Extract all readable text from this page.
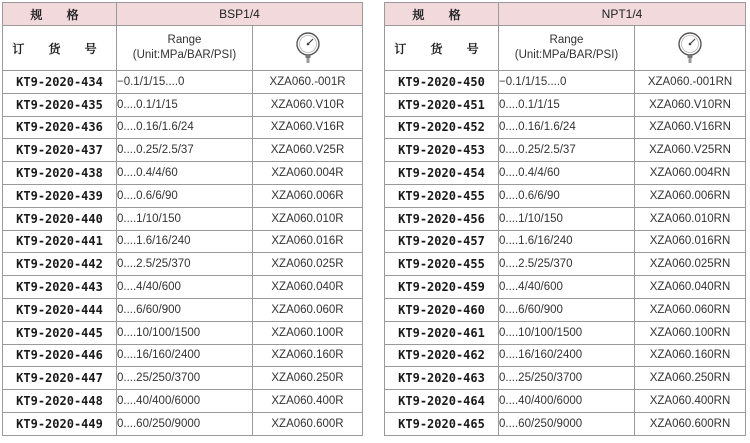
规 格	BSP1/4	
订 货 号	Range
(Unit:MPa/BAR/PSI)

KT9-2020-434	−0.1/1/15....0	XZA060.-001R
KT9-2020-435	0....0.1/1/15	XZA060.V10R
KT9-2020-436	0....0.16/1.6/24	XZA060.V16R
KT9-2020-437	0....0.25/2.5/37	XZA060.V25R
KT9-2020-438	0....0.4/4/60	XZA060.004R
KT9-2020-439	0....0.6/6/90	XZA060.006R
KT9-2020-440	0....1/10/150	XZA060.010R
KT9-2020-441	0....1.6/16/240	XZA060.016R
KT9-2020-442	0....2.5/25/370	XZA060.025R
KT9-2020-443	0....4/40/600	XZA060.040R
KT9-2020-444	0....6/60/900	XZA060.060R
KT9-2020-445	0....10/100/1500	XZA060.100R
KT9-2020-446	0....16/160/2400	XZA060.160R
KT9-2020-447	0....25/250/3700	XZA060.250R
KT9-2020-448	0....40/400/6000	XZA060.400R
KT9-2020-449	0....60/250/9000	XZA060.600R
规 格	NPT1/4	
订 货 号	Range
(Unit:MPa/BAR/PSI)

KT9-2020-450	−0.1/1/15....0	XZA060.-001RN
KT9-2020-451	0....0.1/1/15	XZA060.V10RN
KT9-2020-452	0....0.16/1.6/24	XZA060.V16RN
KT9-2020-453	0....0.25/2.5/37	XZA060.V25RN
KT9-2020-454	0....0.4/4/60	XZA060.004RN
KT9-2020-455	0....0.6/6/90	XZA060.006RN
KT9-2020-456	0....1/10/150	XZA060.010RN
KT9-2020-457	0....1.6/16/240	XZA060.016RN
KT9-2020-455	0....2.5/25/370	XZA060.025RN
KT9-2020-459	0....4/40/600	XZA060.040RN
KT9-2020-460	0....6/60/900	XZA060.060RN
KT9-2020-461	0....10/100/1500	XZA060.100RN
KT9-2020-462	0....16/160/2400	XZA060.160RN
KT9-2020-463	0....25/250/3700	XZA060.250RN
KT9-2020-464	0....40/400/6000	XZA060.400RN
KT9-2020-465	0....60/250/9000	XZA060.600RN
